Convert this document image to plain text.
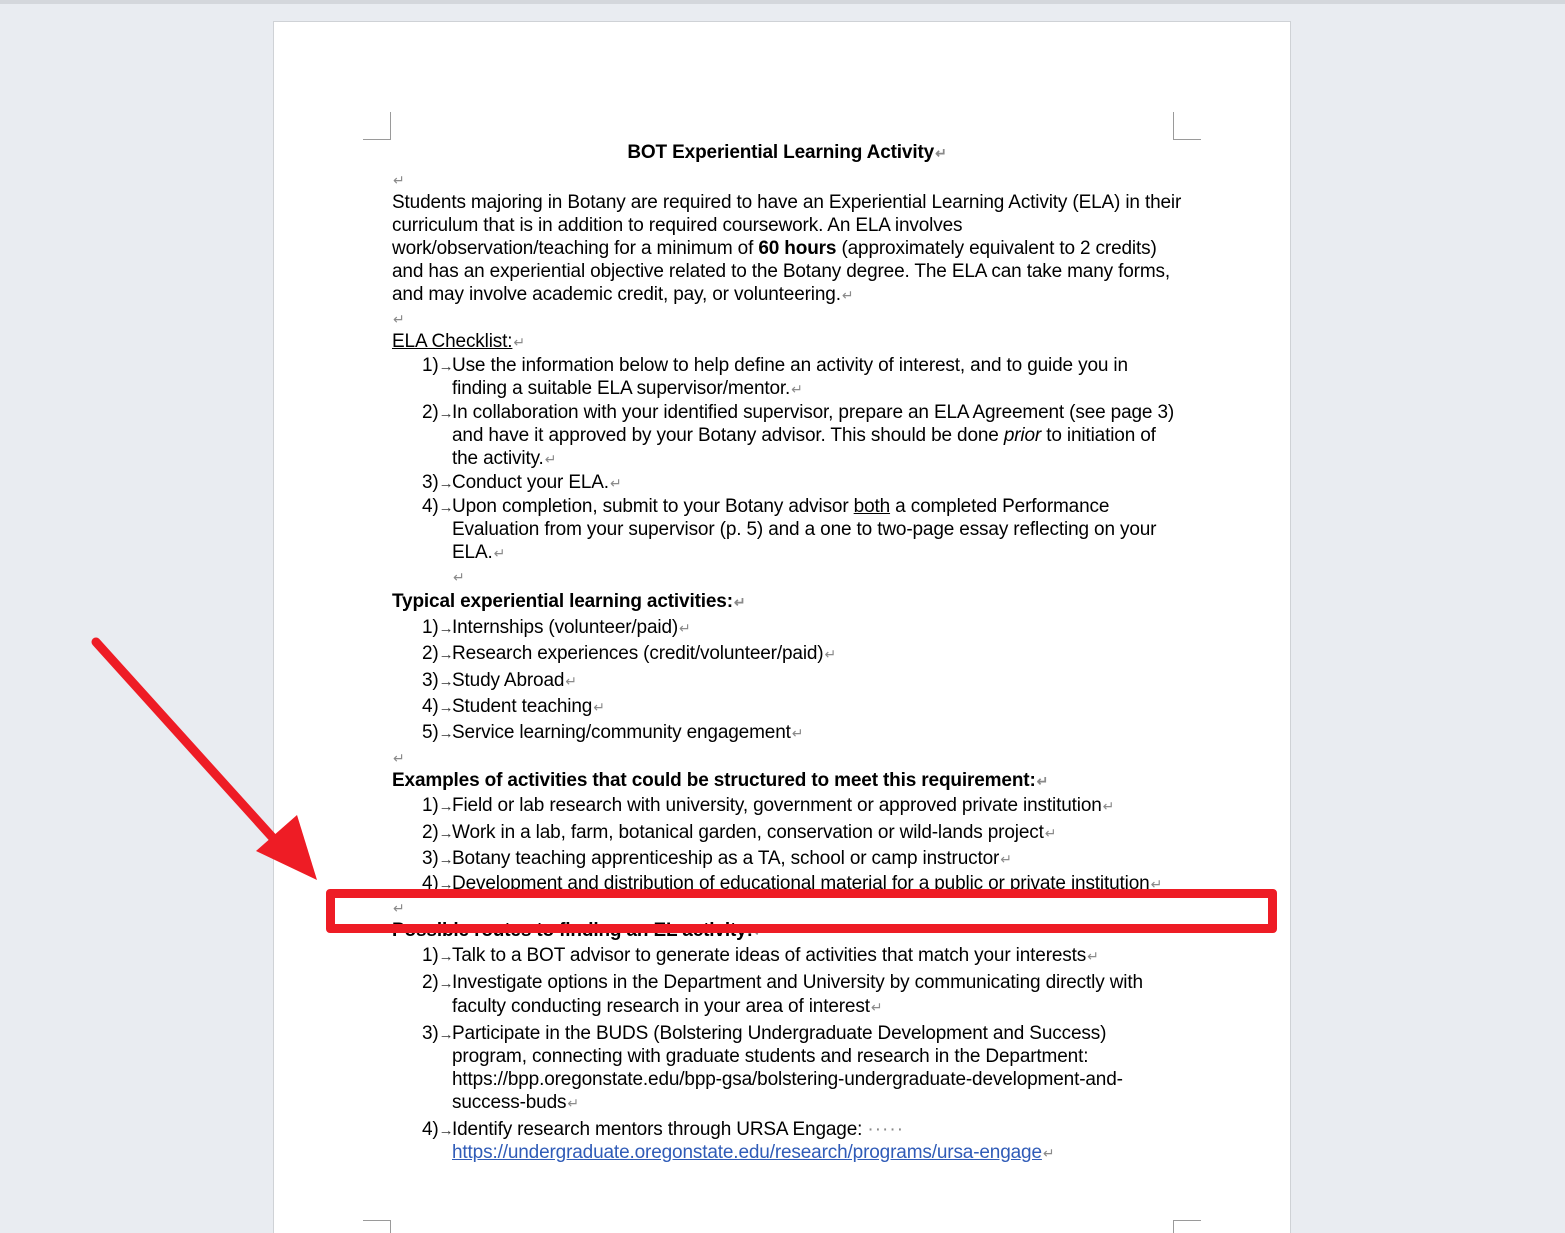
BOT Experiential Learning Activity↵
↵

Students majoring in Botany are required to have an Experiential Learning Activity (ELA) in their curriculum that is in addition to required coursework. An ELA involves work/observation/teaching for a minimum of 60 hours (approximately equivalent to 2 credits) and has an experiential objective related to the Botany degree. The ELA can take many forms, and may involve academic credit, pay, or volunteering.↵

↵
ELA Checklist:↵
1)→
Use the information below to help define an activity of interest, and to guide you in finding a suitable ELA supervisor/mentor.↵
2)→
In collaboration with your identified supervisor, prepare an ELA Agreement (see page 3) and have it approved by your Botany advisor. This should be done prior to initiation of the activity.↵
3)→
Conduct your ELA.↵
4)→
Upon completion, submit to your Botany advisor both a completed Performance Evaluation from your supervisor (p. 5) and a one to two-page essay reflecting on your ELA.↵
↵
Typical experiential learning activities:↵
1)→
Internships (volunteer/paid)↵
2)→
Research experiences (credit/volunteer/paid)↵
3)→
Study Abroad↵
4)→
Student teaching↵
5)→
Service learning/community engagement↵
↵
Examples of activities that could be structured to meet this requirement:↵
1)→
Field or lab research with university, government or approved private institution↵
2)→
Work in a lab, farm, botanical garden, conservation or wild-lands project↵
3)→
Botany teaching apprenticeship as a TA, school or camp instructor↵
4)→
Development and distribution of educational material for a public or private institution↵
↵
Possible routes to finding an EL activity:↵
1)→
Talk to a BOT advisor to generate ideas of activities that match your interests↵
2)→
Investigate options in the Department and University by communicating directly with faculty conducting research in your area of interest↵
3)→
Participate in the BUDS (Bolstering Undergraduate Development and Success) program, connecting with graduate students and research in the Department: https://bpp.oregonstate.edu/bpp-gsa/bolstering-undergraduate-development-and-success-buds↵
4)→
Identify research mentors through URSA Engage: ·····
https://undergraduate.oregonstate.edu/research/programs/ursa-engage↵
